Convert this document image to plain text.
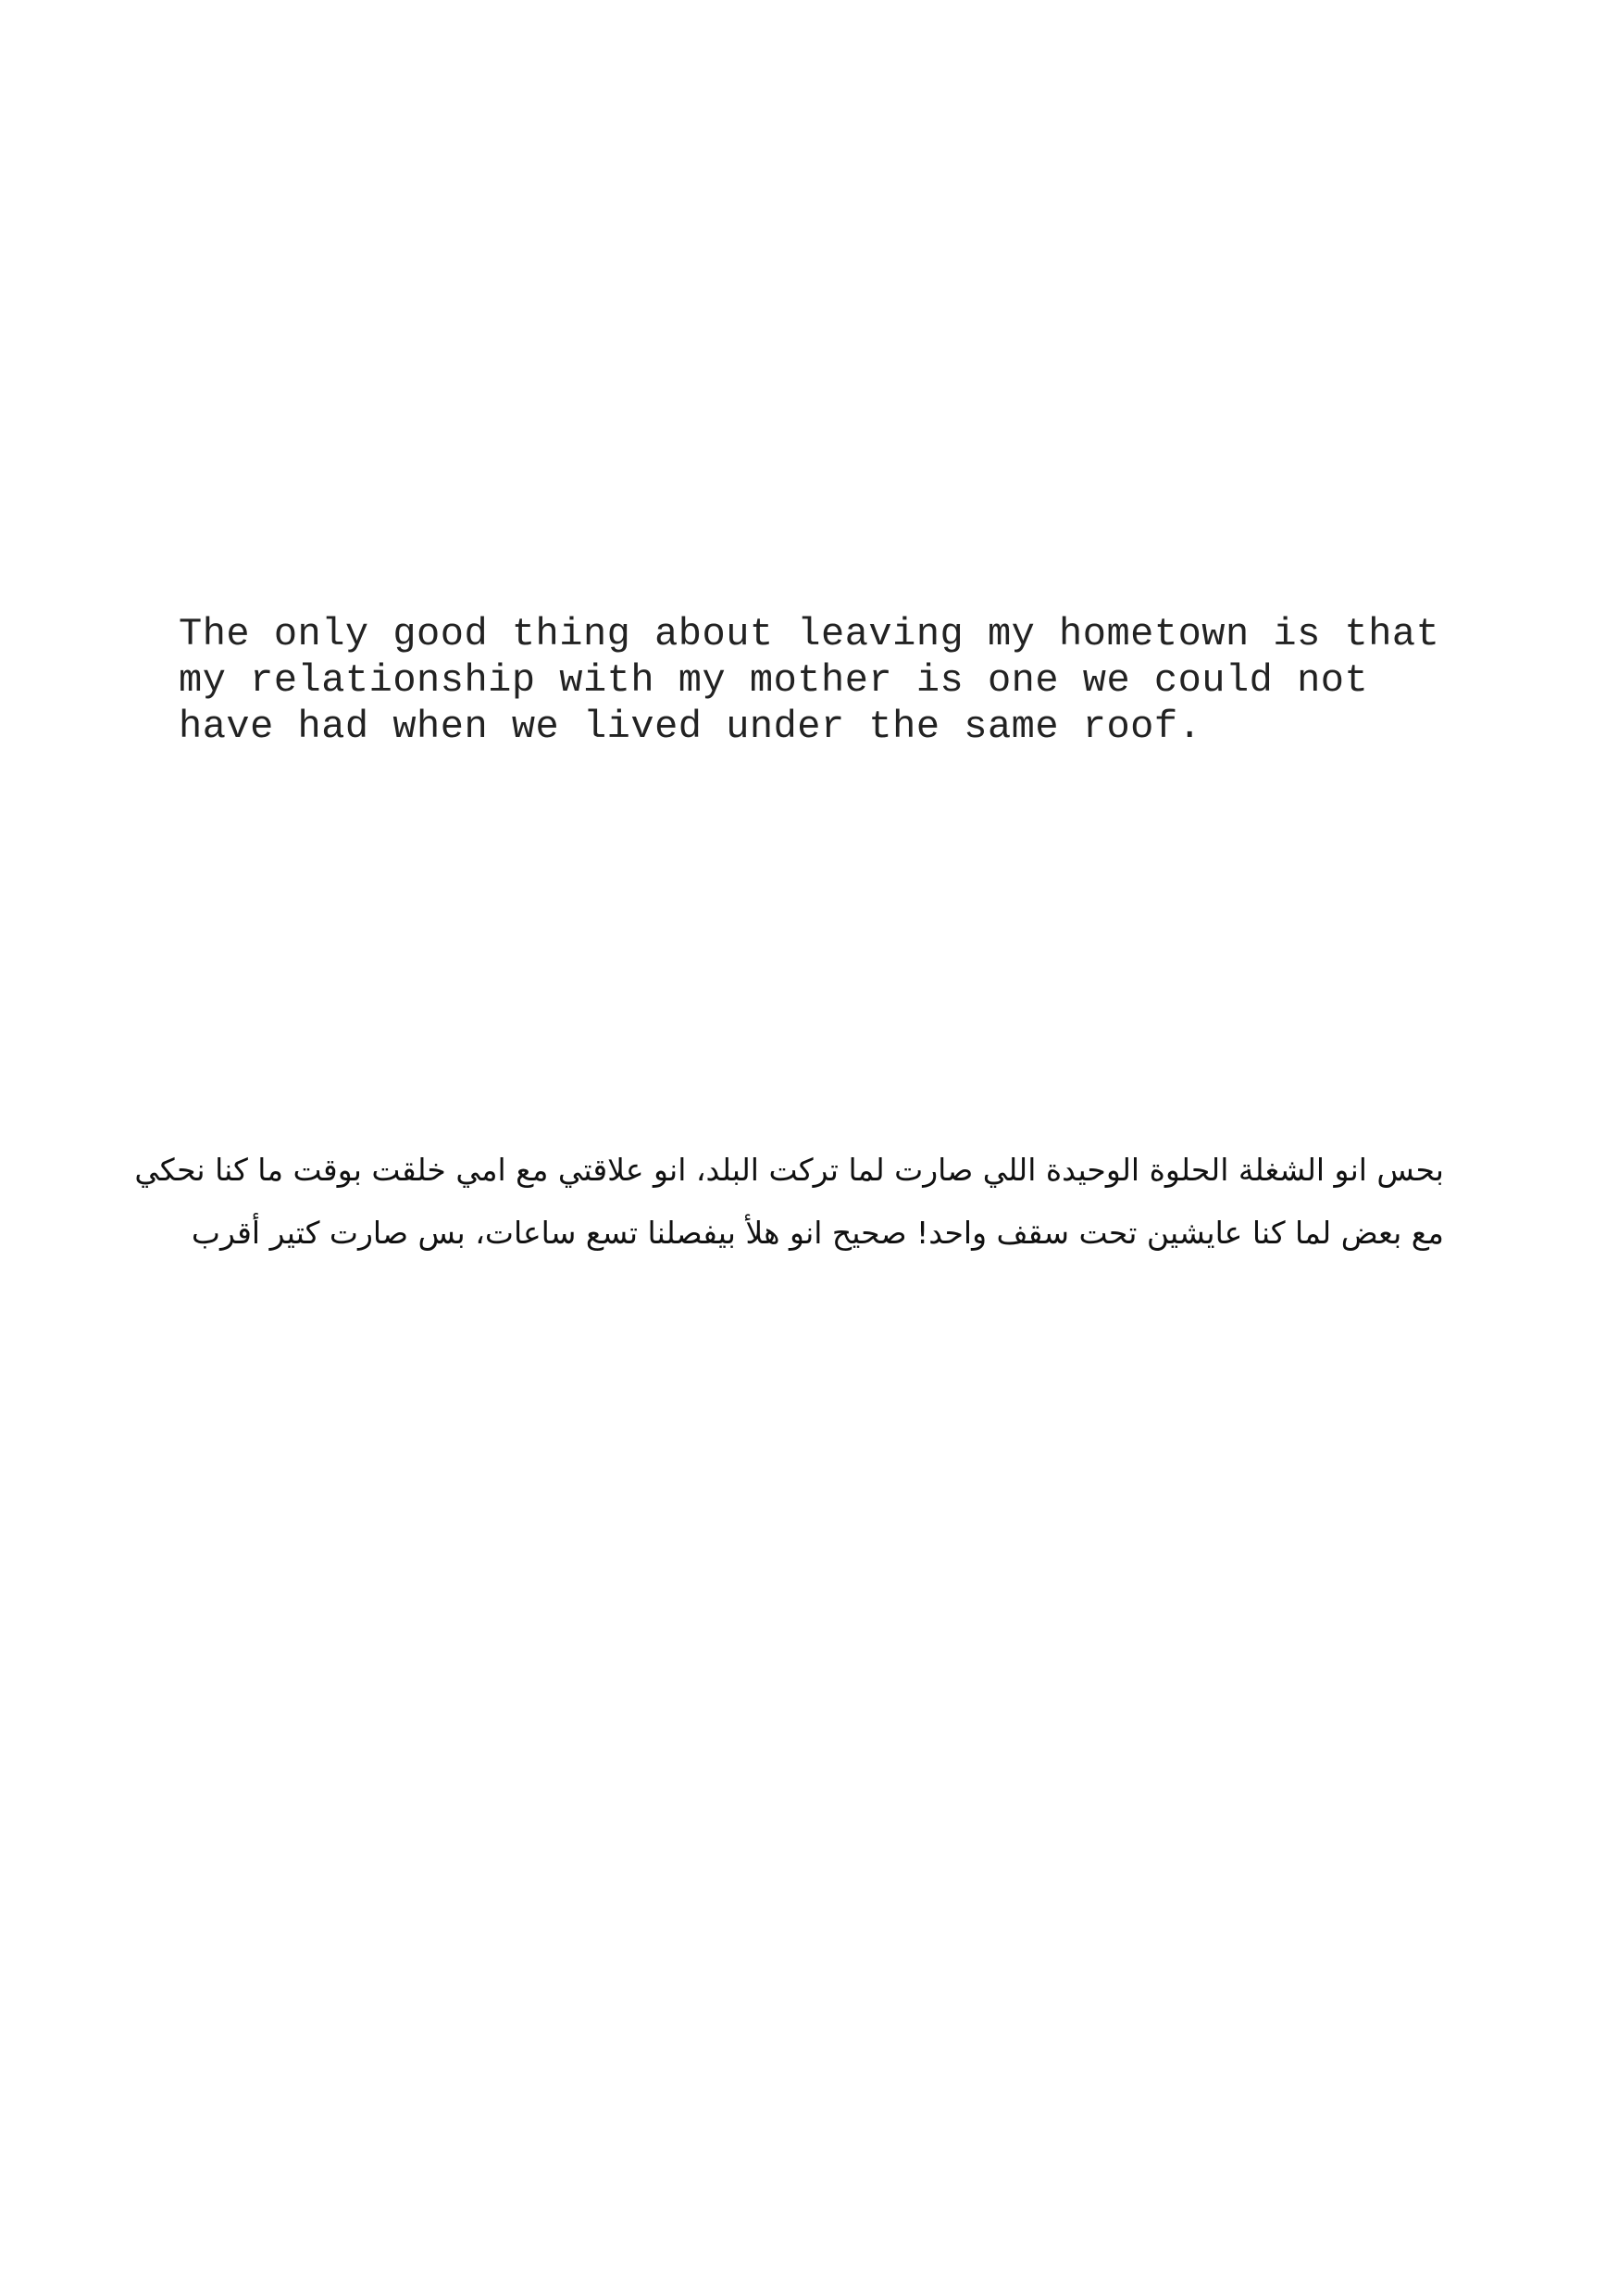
The only good thing about leaving my hometown is that
my relationship with my mother is one we could not
have had when we lived under the same roof.

بحس انو الشغلة الحلوة الوحيدة اللي صارت لما تركت البلد، انو علاقتي مع امي خلقت بوقت ما كنا نحكي
مع بعض لما كنا عايشين تحت سقف واحد! صحيح انو هلأ بيفصلنا تسع ساعات، بس صارت كتير أقرب
